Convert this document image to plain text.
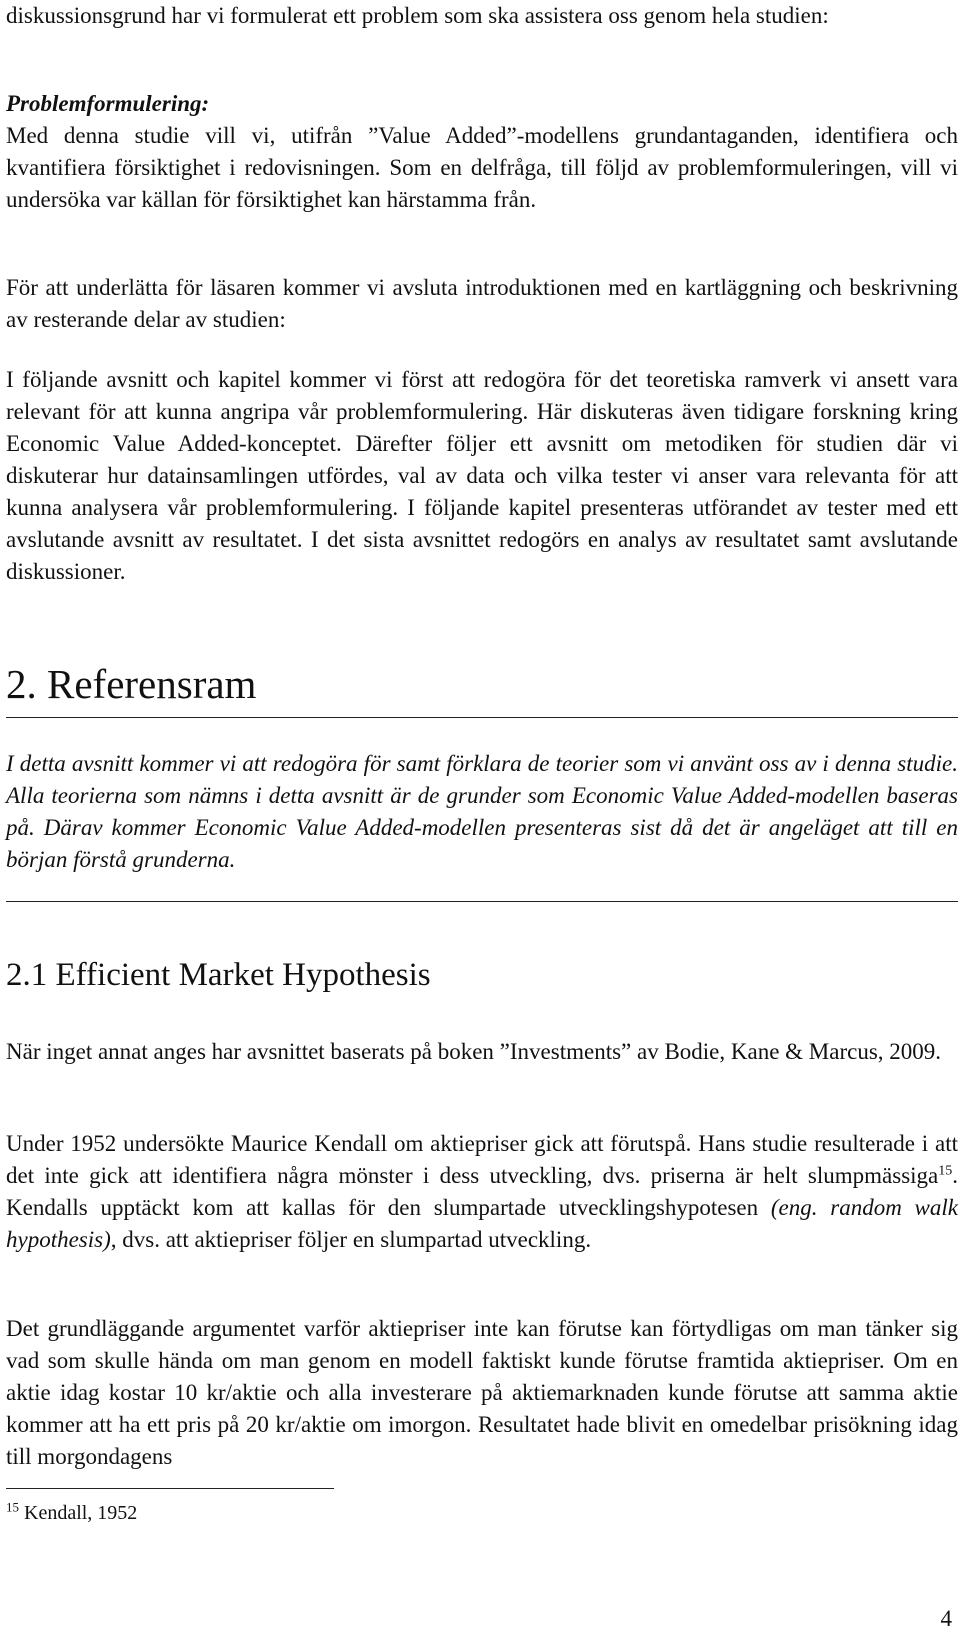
diskussionsgrund har vi formulerat ett problem som ska assistera oss genom hela studien:

Problemformulering:

Med denna studie vill vi, utifrån ”Value Added”-modellens grundantaganden, identifiera och kvantifiera försiktighet i redovisningen. Som en delfråga, till följd av problemformuleringen, vill vi undersöka var källan för försiktighet kan härstamma från.

För att underlätta för läsaren kommer vi avsluta introduktionen med en kartläggning och beskrivning av resterande delar av studien:

I följande avsnitt och kapitel kommer vi först att redogöra för det teoretiska ramverk vi ansett vara relevant för att kunna angripa vår problemformulering. Här diskuteras även tidigare forskning kring Economic Value Added-konceptet. Därefter följer ett avsnitt om metodiken för studien där vi diskuterar hur datainsamlingen utfördes, val av data och vilka tester vi anser vara relevanta för att kunna analysera vår problemformulering. I följande kapitel presenteras utförandet av tester med ett avslutande avsnitt av resultatet. I det sista avsnittet redogörs en analys av resultatet samt avslutande diskussioner.

2. Referensram

I detta avsnitt kommer vi att redogöra för samt förklara de teorier som vi använt oss av i denna studie. Alla teorierna som nämns i detta avsnitt är de grunder som Economic Value Added-modellen baseras på. Därav kommer Economic Value Added-modellen presenteras sist då det är angeläget att till en början förstå grunderna.

2.1 Efficient Market Hypothesis

När inget annat anges har avsnittet baserats på boken ”Investments” av Bodie, Kane & Marcus, 2009.

Under 1952 undersökte Maurice Kendall om aktiepriser gick att förutspå. Hans studie resulterade i att det inte gick att identifiera några mönster i dess utveckling, dvs. priserna är helt slumpmässiga$^{15}$. Kendalls upptäckt kom att kallas för den slumpartade utvecklingshypotesen (eng. random walk hypothesis), dvs. att aktiepriser följer en slumpartad utveckling.

Det grundläggande argumentet varför aktiepriser inte kan förutse kan förtydligas om man tänker sig vad som skulle hända om man genom en modell faktiskt kunde förutse framtida aktiepriser. Om en aktie idag kostar 10 kr/aktie och alla investerare på aktiemarknaden kunde förutse att samma aktie kommer att ha ett pris på 20 kr/aktie om imorgon. Resultatet hade blivit en omedelbar prisökning idag till morgondagens

$^{15}$ Kendall, 1952
4
